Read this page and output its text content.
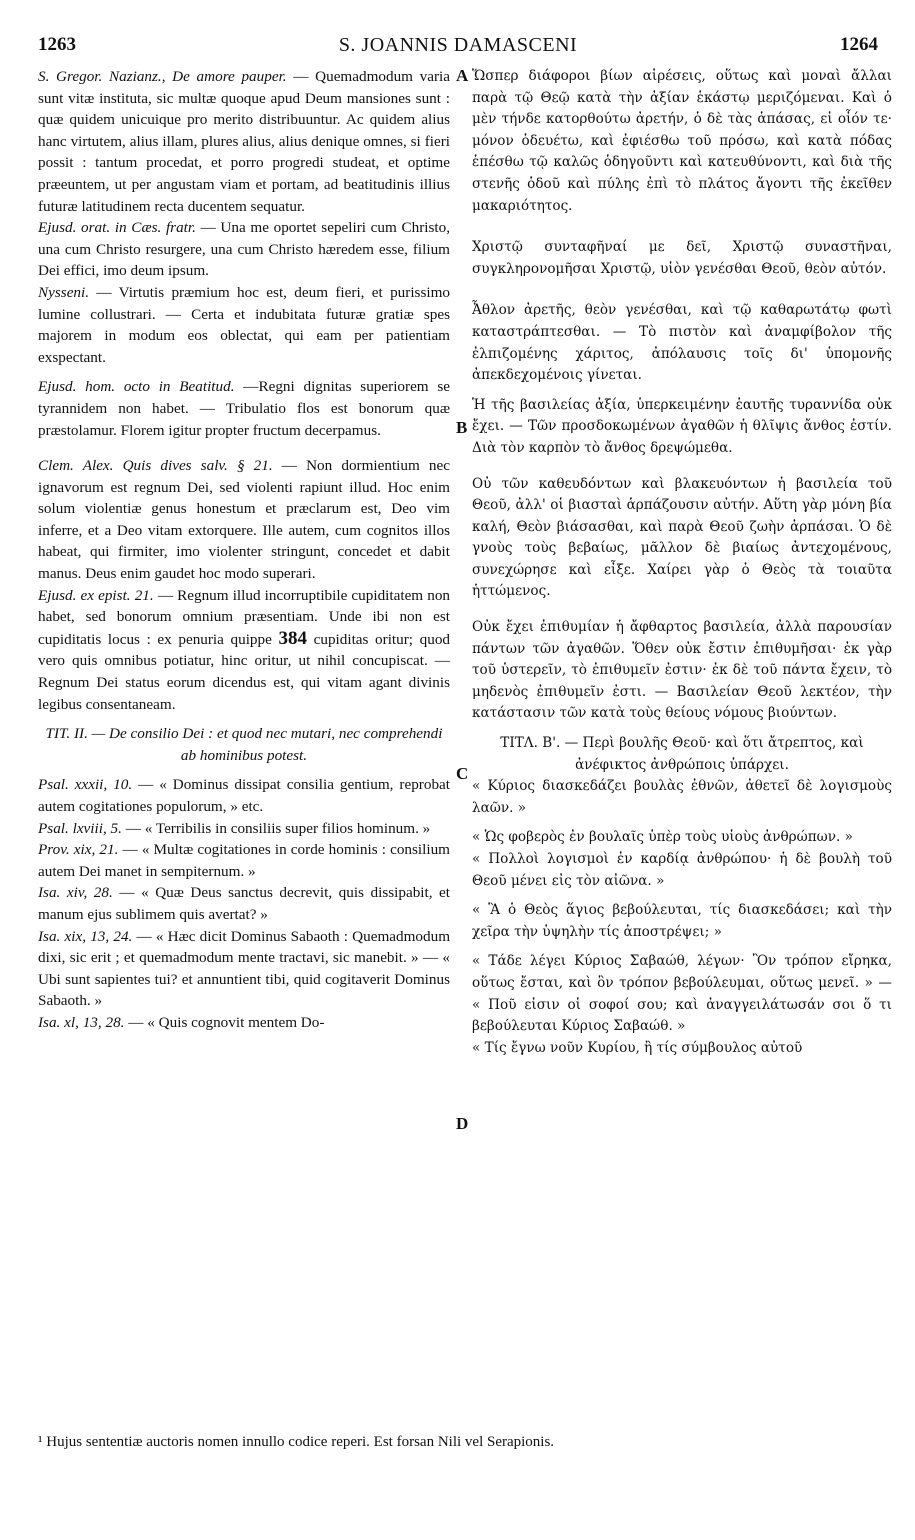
1263	S. JOANNIS DAMASCENI	1264
A
B
C
D
S. Gregor. Nazianz., De amore pauper. — Quemadmodum varia sunt vitæ instituta, sic multæ quoque apud Deum mansiones sunt : quæ quidem unicuique pro merito distribuuntur. Ac quidem alius hanc virtutem, alius illam, plures alius, alius denique omnes, si fieri possit : tantum procedat, et porro progredi studeat, et optime præeuntem, ut per angustam viam et portam, ad beatitudinis illius futuræ latitudinem recta ducentem sequatur.
Ejusd. orat. in Cæs. fratr. — Una me oportet sepeliri cum Christo, una cum Christo resurgere, una cum Christo hæredem esse, filium Dei effici, imo deum ipsum.
Nysseni. — Virtutis præmium hoc est, deum fieri, et purissimo lumine collustrari. — Certa et indubitata futuræ gratiæ spes majorem in modum eos oblectat, qui eam per patientiam exspectant.
Ejusd. hom. octo in Beatitud. —Regni dignitas superiorem se tyrannidem non habet. — Tribulatio flos est bonorum quæ præstolamur. Florem igitur propter fructum decerpamus.
Clem. Alex. Quis dives salv. § 21. — Non dormientium nec ignavorum est regnum Dei, sed violenti rapiunt illud. Hoc enim solum violentiæ genus honestum et præclarum est, Deo vim inferre, et a Deo vitam extorquere. Ille autem, cum cognitos illos habeat, qui firmiter, imo violenter stringunt, concedet et dabit manus. Deus enim gaudet hoc modo superari.
Ejusd. ex epist. 21. — Regnum illud incorruptibile cupiditatem non habet, sed bonorum omnium præsentiam. Unde ibi non est cupiditatis locus : ex penuria quippe 384 cupiditas oritur; quod vero quis omnibus potiatur, hinc oritur, ut nihil concupiscat. — Regnum Dei status eorum dicendus est, qui vitam agant divinis legibus consentaneam.
TIT. II. — De consilio Dei : et quod nec mutari, nec comprehendi ab hominibus potest.
Psal. xxxii, 10. — « Dominus dissipat consilia gentium, reprobat autem cogitationes populorum, » etc.
Psal. lxviii, 5. — « Terribilis in consiliis super filios hominum. »
Prov. xix, 21. — « Multæ cogitationes in corde hominis : consilium autem Dei manet in sempiternum. »
Isa. xiv, 28. — « Quæ Deus sanctus decrevit, quis dissipabit, et manum ejus sublimem quis avertat? »
Isa. xix, 13, 24. — « Hæc dicit Dominus Sabaoth : Quemadmodum dixi, sic erit ; et quemadmodum mente tractavi, sic manebit. » — « Ubi sunt sapientes tui? et annuntient tibi, quid cogitaverit Dominus Sabaoth. »
Isa. xl, 13, 28. — « Quis cognovit mentem Do-
Ὥσπερ διάφοροι βίων αἱρέσεις, οὕτως καὶ μοναὶ ἄλλαι παρὰ τῷ Θεῷ κατὰ τὴν ἀξίαν ἑκάστῳ μεριζόμεναι. Καὶ ὁ μὲν τήνδε κατορθούτω ἀρετήν, ὁ δὲ τὰς ἁπάσας, εἰ οἷόν τε· μόνον ὁδευέτω, καὶ ἐφιέσθω τοῦ πρόσω, καὶ κατὰ πόδας ἑπέσθω τῷ καλῶς ὁδηγοῦντι καὶ κατευθύνοντι, καὶ διὰ τῆς στενῆς ὁδοῦ καὶ πύλης ἐπὶ τὸ πλάτος ἄγοντι τῆς ἐκεῖθεν μακαριότητος.
Χριστῷ συνταφῆναί με δεῖ, Χριστῷ συναστῆναι, συγκληρονομῆσαι Χριστῷ, υἱὸν γενέσθαι Θεοῦ, θεὸν αὐτόν.
Ἆθλον ἀρετῆς, θεὸν γενέσθαι, καὶ τῷ καθαρωτάτῳ φωτὶ καταστράπτεσθαι. — Τὸ πιστὸν καὶ ἀναμφίβολον τῆς ἐλπιζομένης χάριτος, ἀπόλαυσις τοῖς δι' ὑπομονῆς ἀπεκδεχομένοις γίνεται.
Ἡ τῆς βασιλείας ἀξία, ὑπερκειμένην ἑαυτῆς τυραννίδα οὐκ ἔχει. — Τῶν προσδοκωμένων ἀγαθῶν ἡ θλῖψις ἄνθος ἐστίν. Διὰ τὸν καρπὸν τὸ ἄνθος δρεψώμεθα.
Οὐ τῶν καθευδόντων καὶ βλακευόντων ἡ βασιλεία τοῦ Θεοῦ, ἀλλ' οἱ βιασταὶ ἁρπάζουσιν αὐτήν. Αὕτη γὰρ μόνη βία καλή, Θεὸν βιάσασθαι, καὶ παρὰ Θεοῦ ζωὴν ἁρπάσαι. Ὁ δὲ γνοὺς τοὺς βεβαίως, μᾶλλον δὲ βιαίως ἀντεχομένους, συνεχώρησε καὶ εἶξε. Χαίρει γὰρ ὁ Θεὸς τὰ τοιαῦτα ἡττώμενος.
Οὐκ ἔχει ἐπιθυμίαν ἡ ἄφθαρτος βασιλεία, ἀλλὰ παρουσίαν πάντων τῶν ἀγαθῶν. Ὅθεν οὐκ ἔστιν ἐπιθυμῆσαι· ἐκ γὰρ τοῦ ὑστερεῖν, τὸ ἐπιθυμεῖν ἐστιν· ἐκ δὲ τοῦ πάντα ἔχειν, τὸ μηδενὸς ἐπιθυμεῖν ἐστι. — Βασιλείαν Θεοῦ λεκτέον, τὴν κατάστασιν τῶν κατὰ τοὺς θείους νόμους βιούντων.
ΤΙΤΛ. Β'. — Περὶ βουλῆς Θεοῦ· καὶ ὅτι ἄτρεπτος, καὶ ἀνέφικτος ἀνθρώποις ὑπάρχει.
« Κύριος διασκεδάζει βουλὰς ἐθνῶν, ἀθετεῖ δὲ λογισμοὺς λαῶν. »
« Ὡς φοβερὸς ἐν βουλαῖς ὑπὲρ τοὺς υἱοὺς ἀνθρώπων. »
« Πολλοὶ λογισμοὶ ἐν καρδίᾳ ἀνθρώπου· ἡ δὲ βουλὴ τοῦ Θεοῦ μένει εἰς τὸν αἰῶνα. »
« Ἃ ὁ Θεὸς ἅγιος βεβούλευται, τίς διασκεδάσει; καὶ τὴν χεῖρα τὴν ὑψηλὴν τίς ἀποστρέψει; »
« Τάδε λέγει Κύριος Σαβαώθ, λέγων· Ὃν τρόπον εἴρηκα, οὕτως ἔσται, καὶ ὃν τρόπον βεβούλευμαι, οὕτως μενεῖ. » — « Ποῦ εἰσιν οἱ σοφοί σου; καὶ ἀναγγειλάτωσάν σοι ὅ τι βεβούλευται Κύριος Σαβαώθ. »
« Τίς ἔγνω νοῦν Κυρίου, ἢ τίς σύμβουλος αὐτοῦ
¹ Hujus sententiæ auctoris nomen innullo codice reperi. Est forsan Nili vel Serapionis.
